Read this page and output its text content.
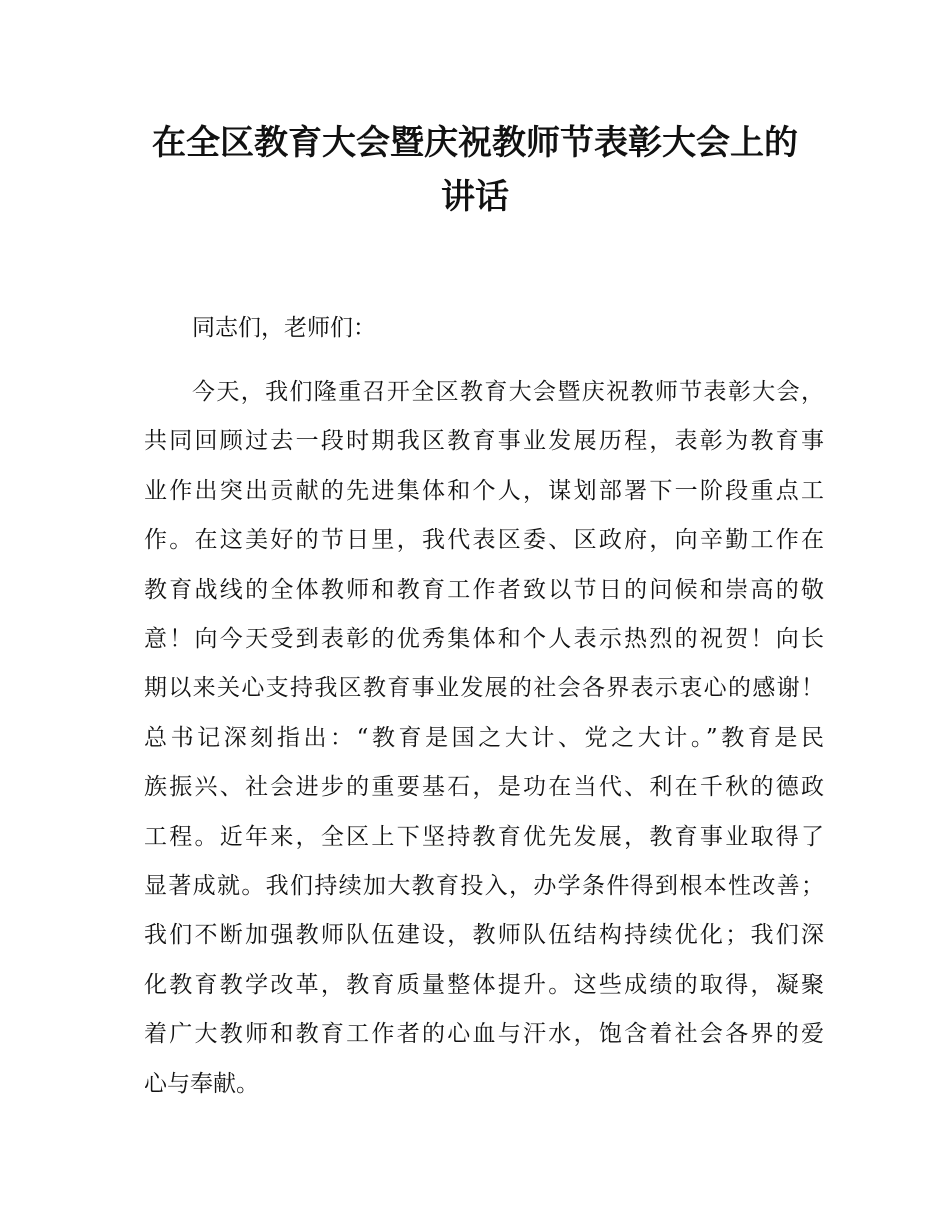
在全区教育大会暨庆祝教师节表彰大会上的
讲话

同志们，老师们：

今天，我们隆重召开全区教育大会暨庆祝教师节表彰大会，
共同回顾过去一段时期我区教育事业发展历程，表彰为教育事
业作出突出贡献的先进集体和个人，谋划部署下一阶段重点工
作。在这美好的节日里，我代表区委、区政府，向辛勤工作在
教育战线的全体教师和教育工作者致以节日的问候和崇高的敬
意！向今天受到表彰的优秀集体和个人表示热烈的祝贺！向长
期以来关心支持我区教育事业发展的社会各界表示衷心的感谢！
总书记深刻指出：“教育是国之大计、党之大计。”教育是民
族振兴、社会进步的重要基石，是功在当代、利在千秋的德政
工程。近年来，全区上下坚持教育优先发展，教育事业取得了
显著成就。我们持续加大教育投入，办学条件得到根本性改善；
我们不断加强教师队伍建设，教师队伍结构持续优化；我们深
化教育教学改革，教育质量整体提升。这些成绩的取得，凝聚
着广大教师和教育工作者的心血与汗水，饱含着社会各界的爱
心与奉献。
